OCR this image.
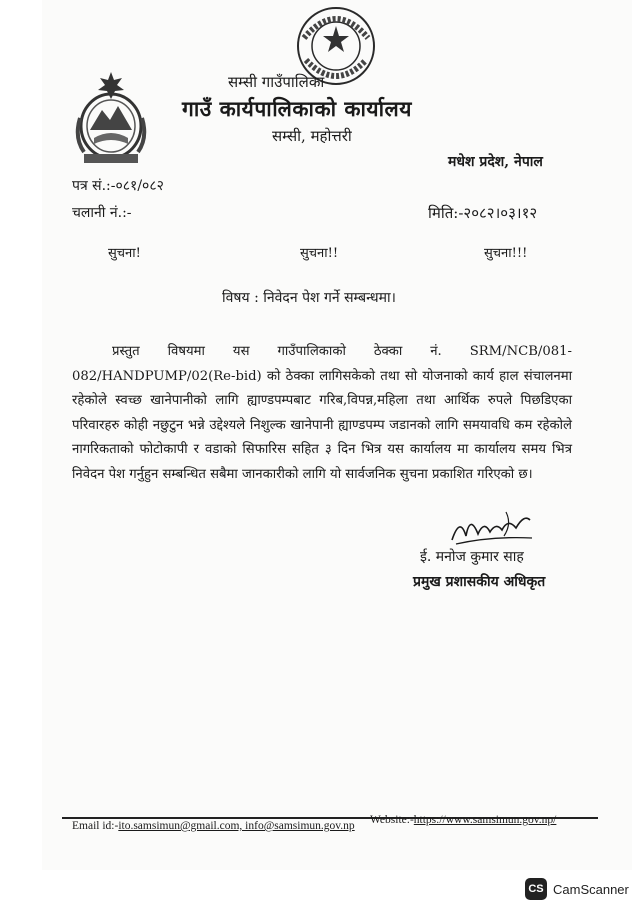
सम्सी गाउँपालिका
गाउँ कार्यपालिकाको कार्यालय
सम्सी, महोत्तरी
मधेश प्रदेश, नेपाल
पत्र सं.:-०८१/०८२
चलानी नं.:-	मिति:-२०८२।०३।१२
सुचना!	सुचना!!	सुचना!!!
विषय : निवेदन पेश गर्ने सम्बन्धमा।
प्रस्तुत विषयमा यस गाउँपालिकाको ठेक्का नं. SRM/NCB/081-082/HANDPUMP/02(Re-bid) को ठेक्का लागिसकेको तथा सो योजनाको कार्य हाल संचालनमा रहेकोले स्वच्छ खानेपानीको लागि ह्याण्डपम्पबाट गरिब,विपन्न,महिला तथा आर्थिक रुपले पिछडिएका परिवारहरु कोही नछुटुन भन्ने उद्देश्यले निशुल्क खानेपानी ह्याण्डपम्प जडानको लागि समयावधि कम रहेकोले नागरिकताको फोटोकापी र वडाको सिफारिस सहित ३ दिन भित्र यस कार्यालय मा कार्यालय समय भित्र निवेदन पेश गर्नुहुन सम्बन्धित सबैमा जानकारीको लागि यो सार्वजनिक सुचना प्रकाशित गरिएको छ।
ई. मनोज कुमार साह
प्रमुख प्रशासकीय अधिकृत
Email id:-ito.samsimun@gmail.com, info@samsimun.gov.np Website:-https://www.samsimun.gov.np/
CS CamScanner
